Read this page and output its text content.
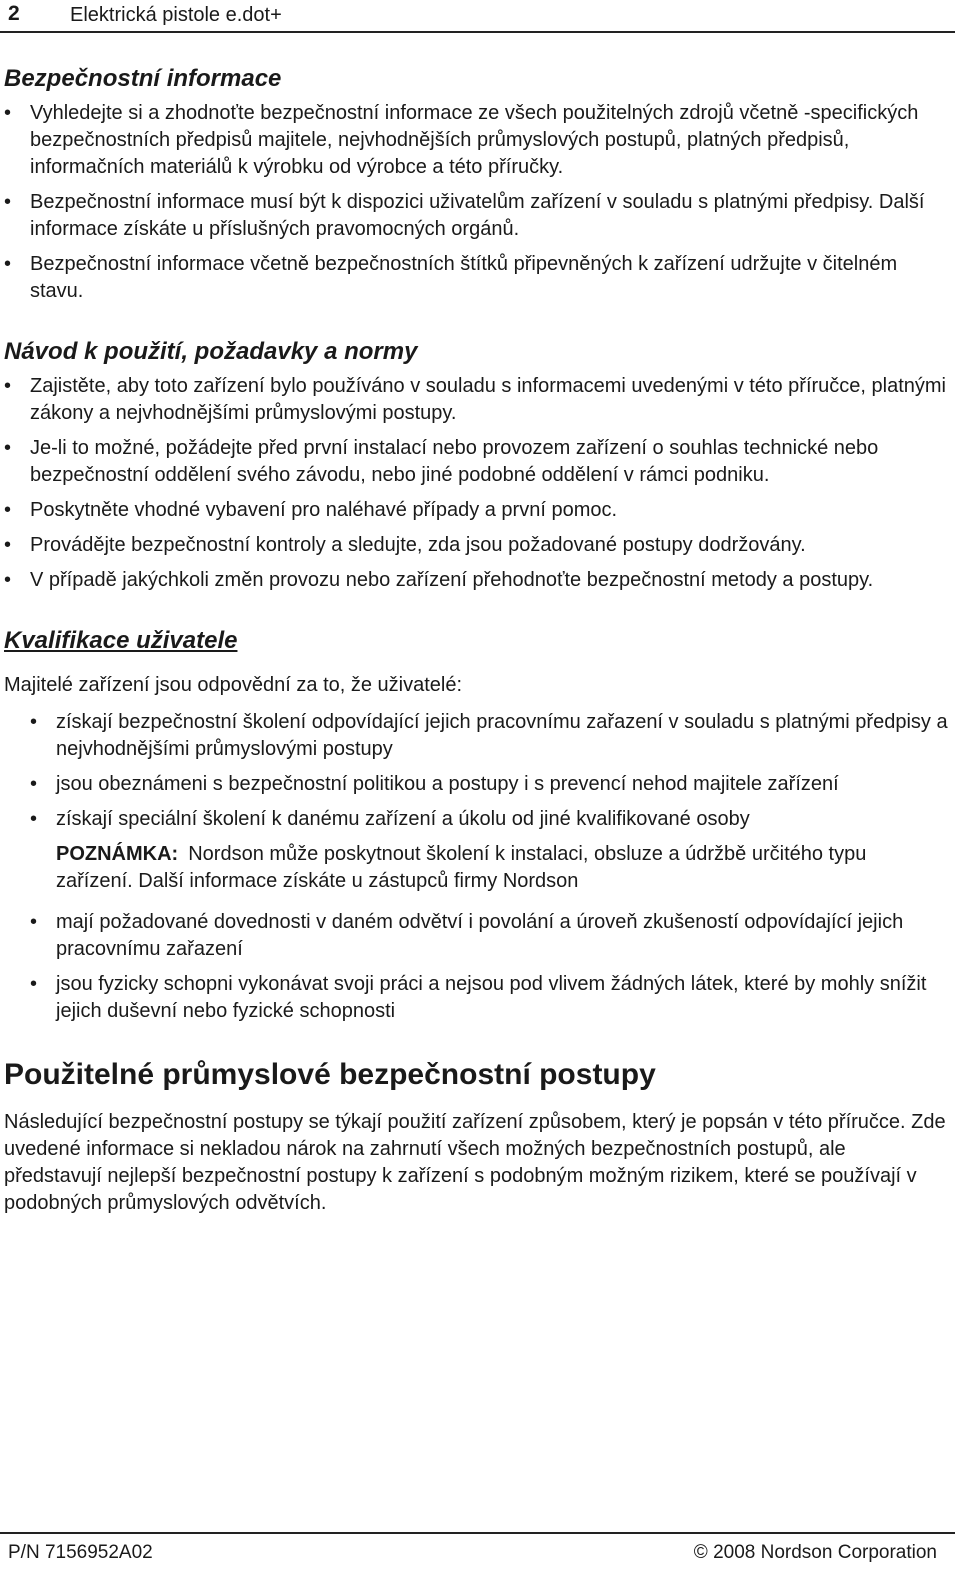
2	Elektrická pistole e.dot+
Bezpečnostní informace
• Vyhledejte si a zhodnoťte bezpečnostní informace ze všech použitelných zdrojů včetně -specifických bezpečnostních předpisů majitele, nejvhodnějších průmyslových postupů, platných předpisů, informačních materiálů k výrobku od výrobce a této příručky.
• Bezpečnostní informace musí být k dispozici uživatelům zařízení v souladu s platnými předpisy. Další informace získáte u příslušných pravomocných orgánů.
• Bezpečnostní informace včetně bezpečnostních štítků připevněných k zařízení udržujte v čitelném stavu.
Návod k použití, požadavky a normy
• Zajistěte, aby toto zařízení bylo používáno v souladu s informacemi uvedenými v této příručce, platnými zákony a nejvhodnějšími průmyslovými postupy.
• Je-li to možné, požádejte před první instalací nebo provozem zařízení o souhlas technické nebo bezpečnostní oddělení svého závodu, nebo jiné podobné oddělení v rámci podniku.
• Poskytněte vhodné vybavení pro naléhavé případy a první pomoc.
• Provádějte bezpečnostní kontroly a sledujte, zda jsou požadované postupy dodržovány.
• V případě jakýchkoli změn provozu nebo zařízení přehodnoťte bezpečnostní metody a postupy.
Kvalifikace uživatele

Majitelé zařízení jsou odpovědní za to, že uživatelé:

• získají bezpečnostní školení odpovídající jejich pracovnímu zařazení v souladu s platnými předpisy a nejvhodnějšími průmyslovými postupy
• jsou obeznámeni s bezpečnostní politikou a postupy i s prevencí nehod majitele zařízení
• získají speciální školení k danému zařízení a úkolu od jiné kvalifikované osoby
POZNÁMKA: Nordson může poskytnout školení k instalaci, obsluze a údržbě určitého typu zařízení. Další informace získáte u zástupců firmy Nordson
• mají požadované dovednosti v daném odvětví i povolání a úroveň zkušeností odpovídající jejich pracovnímu zařazení
• jsou fyzicky schopni vykonávat svoji práci a nejsou pod vlivem žádných látek, které by mohly snížit jejich duševní nebo fyzické schopnosti
Použitelné průmyslové bezpečnostní postupy

Následující bezpečnostní postupy se týkají použití zařízení způsobem, který je popsán v této příručce. Zde uvedené informace si nekladou nárok na zahrnutí všech možných bezpečnostních postupů, ale představují nejlepší bezpečnostní postupy k zařízení s podobným možným rizikem, které se používají v podobných průmyslových odvětvích.

P/N 7156952A02	© 2008 Nordson Corporation
